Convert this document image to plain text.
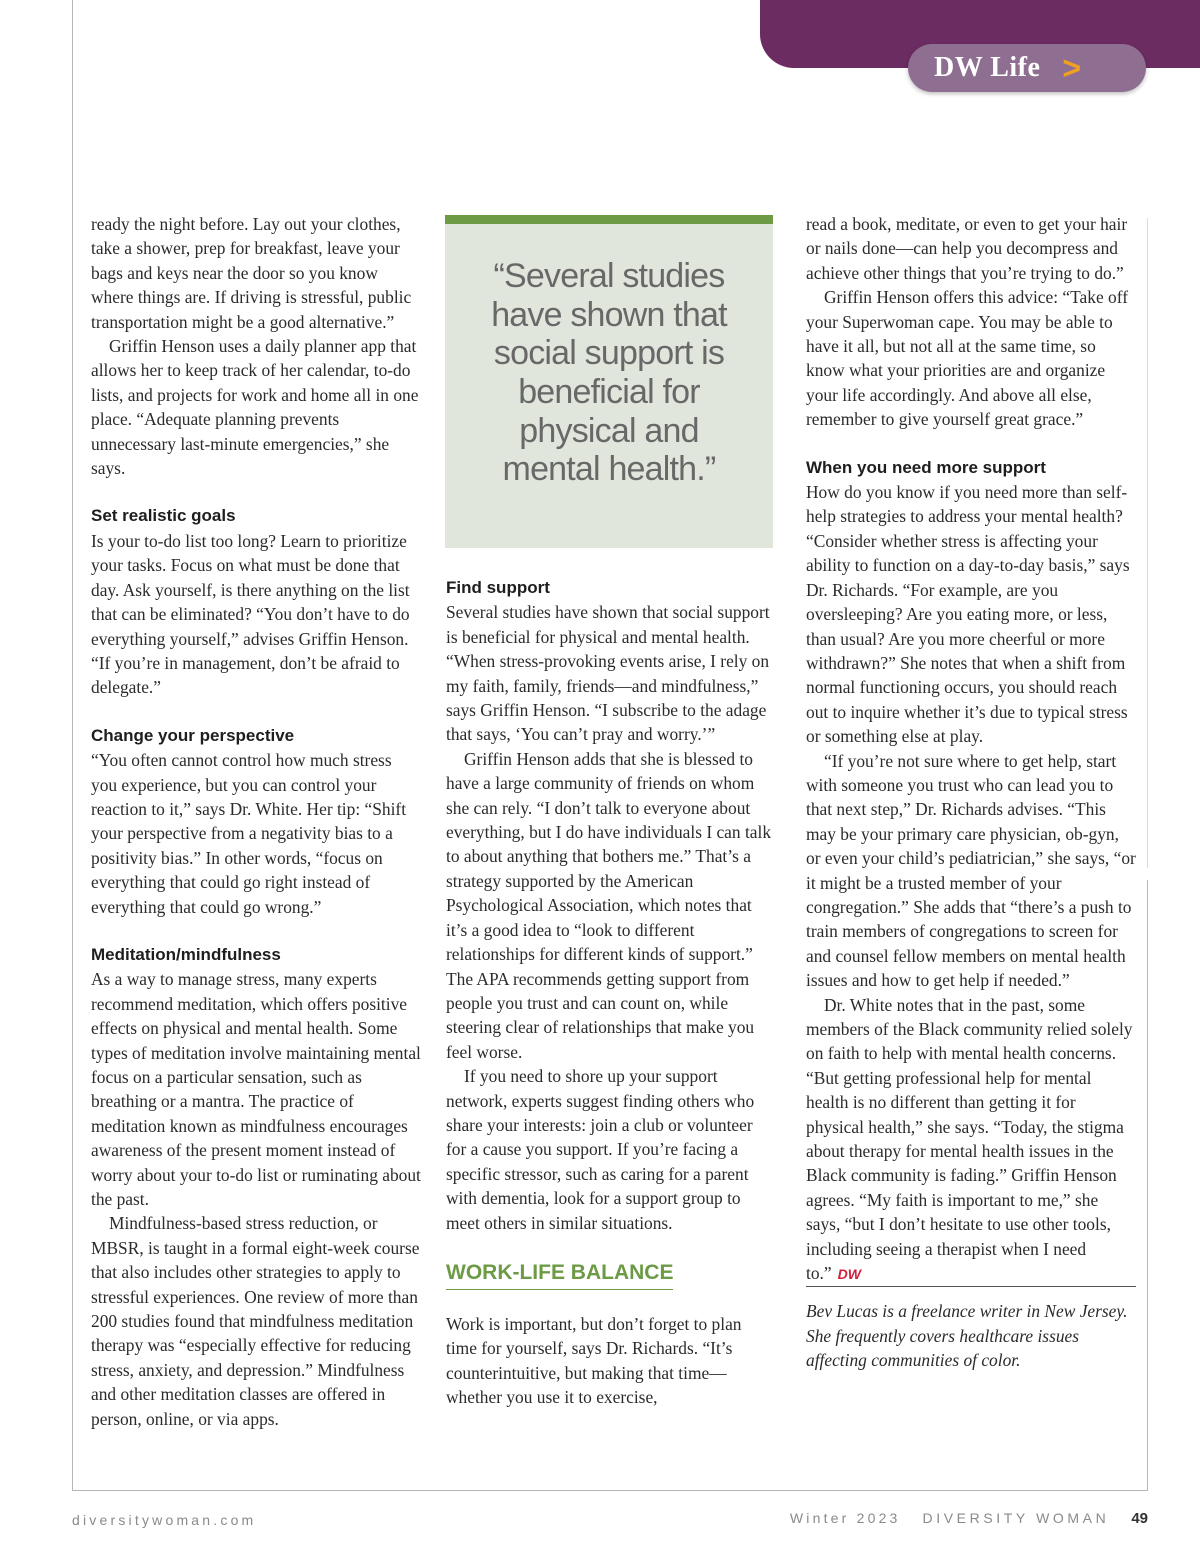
DW Life >

ready the night before. Lay out your clothes, take a shower, prep for breakfast, leave your bags and keys near the door so you know where things are. If driving is stressful, public transportation might be a good alternative.”

Griffin Henson uses a daily planner app that allows her to keep track of her calendar, to-do lists, and projects for work and home all in one place. “Adequate planning prevents unnecessary last-minute emergencies,” she says.

Set realistic goals

Is your to-do list too long? Learn to prioritize your tasks. Focus on what must be done that day. Ask yourself, is there anything on the list that can be eliminated? “You don’t have to do everything yourself,” advises Griffin Henson. “If you’re in management, don’t be afraid to delegate.”

Change your perspective

“You often cannot control how much stress you experience, but you can control your reaction to it,” says Dr. White. Her tip: “Shift your perspective from a negativity bias to a positivity bias.” In other words, “focus on everything that could go right instead of everything that could go wrong.”

Meditation/mindfulness

As a way to manage stress, many experts recommend meditation, which offers positive effects on physical and mental health. Some types of meditation involve maintaining mental focus on a particular sensation, such as breathing or a mantra. The practice of meditation known as mindfulness encourages awareness of the present moment instead of worry about your to-do list or ruminating about the past.

Mindfulness-based stress reduction, or MBSR, is taught in a formal eight-week course that also includes other strategies to apply to stressful experiences. One review of more than 200 studies found that mindfulness meditation therapy was “especially effective for reducing stress, anxiety, and depression.” Mindfulness and other meditation classes are offered in person, online, or via apps.

“Several studies have shown that social support is beneficial for physical and mental health.”
Find support

Several studies have shown that social support is beneficial for physical and mental health. “When stress-provoking events arise, I rely on my faith, family, friends—and mindfulness,” says Griffin Henson. “I subscribe to the adage that says, ‘You can’t pray and worry.’”

Griffin Henson adds that she is blessed to have a large community of friends on whom she can rely. “I don’t talk to everyone about everything, but I do have individuals I can talk to about anything that bothers me.” That’s a strategy supported by the American Psychological Association, which notes that it’s a good idea to “look to different relationships for different kinds of support.” The APA recommends getting support from people you trust and can count on, while steering clear of relationships that make you feel worse.

If you need to shore up your support network, experts suggest finding others who share your interests: join a club or volunteer for a cause you support. If you’re facing a specific stressor, such as caring for a parent with dementia, look for a support group to meet others in similar situations.

WORK-LIFE BALANCE

Work is important, but don’t forget to plan time for yourself, says Dr. Richards. “It’s counterintuitive, but making that time—whether you use it to exercise,

read a book, meditate, or even to get your hair or nails done—can help you decompress and achieve other things that you’re trying to do.”

Griffin Henson offers this advice: “Take off your Superwoman cape. You may be able to have it all, but not all at the same time, so know what your priorities are and organize your life accordingly. And above all else, remember to give yourself great grace.”

When you need more support

How do you know if you need more than self-help strategies to address your mental health? “Consider whether stress is affecting your ability to function on a day-to-day basis,” says Dr. Richards. “For example, are you oversleeping? Are you eating more, or less, than usual? Are you more cheerful or more withdrawn?” She notes that when a shift from normal functioning occurs, you should reach out to inquire whether it’s due to typical stress or something else at play.

“If you’re not sure where to get help, start with someone you trust who can lead you to that next step,” Dr. Richards advises. “This may be your primary care physician, ob-gyn, or even your child’s pediatrician,” she says, “or it might be a trusted member of your congregation.” She adds that “there’s a push to train members of congregations to screen for and counsel fellow members on mental health issues and how to get help if needed.”

Dr. White notes that in the past, some members of the Black community relied solely on faith to help with mental health concerns. “But getting professional help for mental health is no different than getting it for physical health,” she says. “Today, the stigma about therapy for mental health issues in the Black community is fading.” Griffin Henson agrees. “My faith is important to me,” she says, “but I don’t hesitate to use other tools, including seeing a therapist when I need to.” DW

Bev Lucas is a freelance writer in New Jersey. She frequently covers healthcare issues affecting communities of color.

diversitywoman.com	Winter 2023 DIVERSITY WOMAN 49
